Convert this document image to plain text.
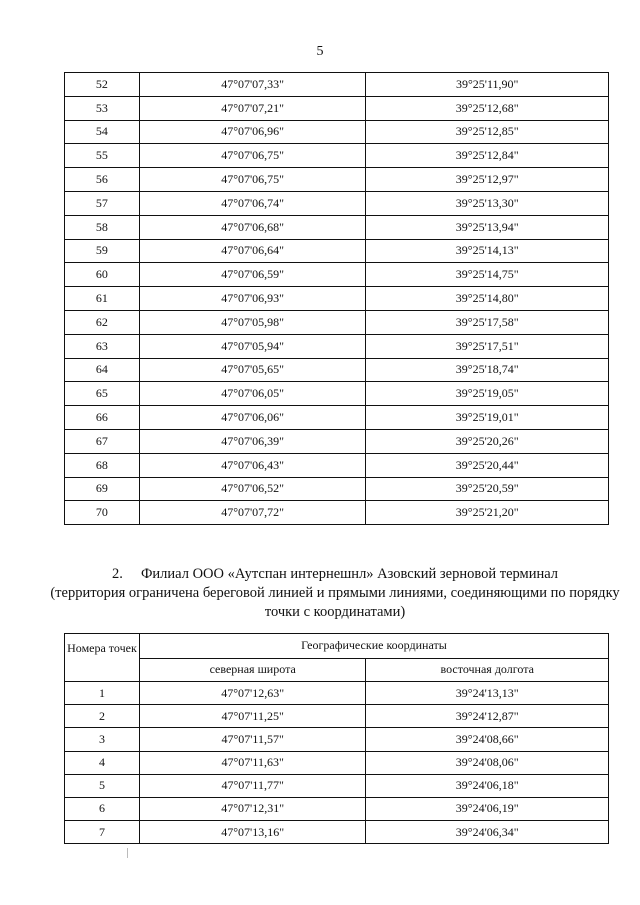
5
52	47°07'07,33"	39°25'11,90"
53	47°07'07,21"	39°25'12,68"
54	47°07'06,96"	39°25'12,85"
55	47°07'06,75"	39°25'12,84"
56	47°07'06,75"	39°25'12,97"
57	47°07'06,74"	39°25'13,30"
58	47°07'06,68"	39°25'13,94"
59	47°07'06,64"	39°25'14,13"
60	47°07'06,59"	39°25'14,75"
61	47°07'06,93"	39°25'14,80"
62	47°07'05,98"	39°25'17,58"
63	47°07'05,94"	39°25'17,51"
64	47°07'05,65"	39°25'18,74"
65	47°07'06,05"	39°25'19,05"
66	47°07'06,06"	39°25'19,01"
67	47°07'06,39"	39°25'20,26"
68	47°07'06,43"	39°25'20,44"
69	47°07'06,52"	39°25'20,59"
70	47°07'07,72"	39°25'21,20"
2. Филиал ООО «Аутспан интернешнл» Азовский зерновой терминал
(территория ограничена береговой линией и прямыми линиями, соединяющими по порядку точки с координатами)
Номера точек	Географические координаты	
	северная широта	восточная долгота
1	47°07'12,63"	39°24'13,13"
2	47°07'11,25"	39°24'12,87"
3	47°07'11,57"	39°24'08,66"
4	47°07'11,63"	39°24'08,06"
5	47°07'11,77"	39°24'06,18"
6	47°07'12,31"	39°24'06,19"
7	47°07'13,16"	39°24'06,34"
